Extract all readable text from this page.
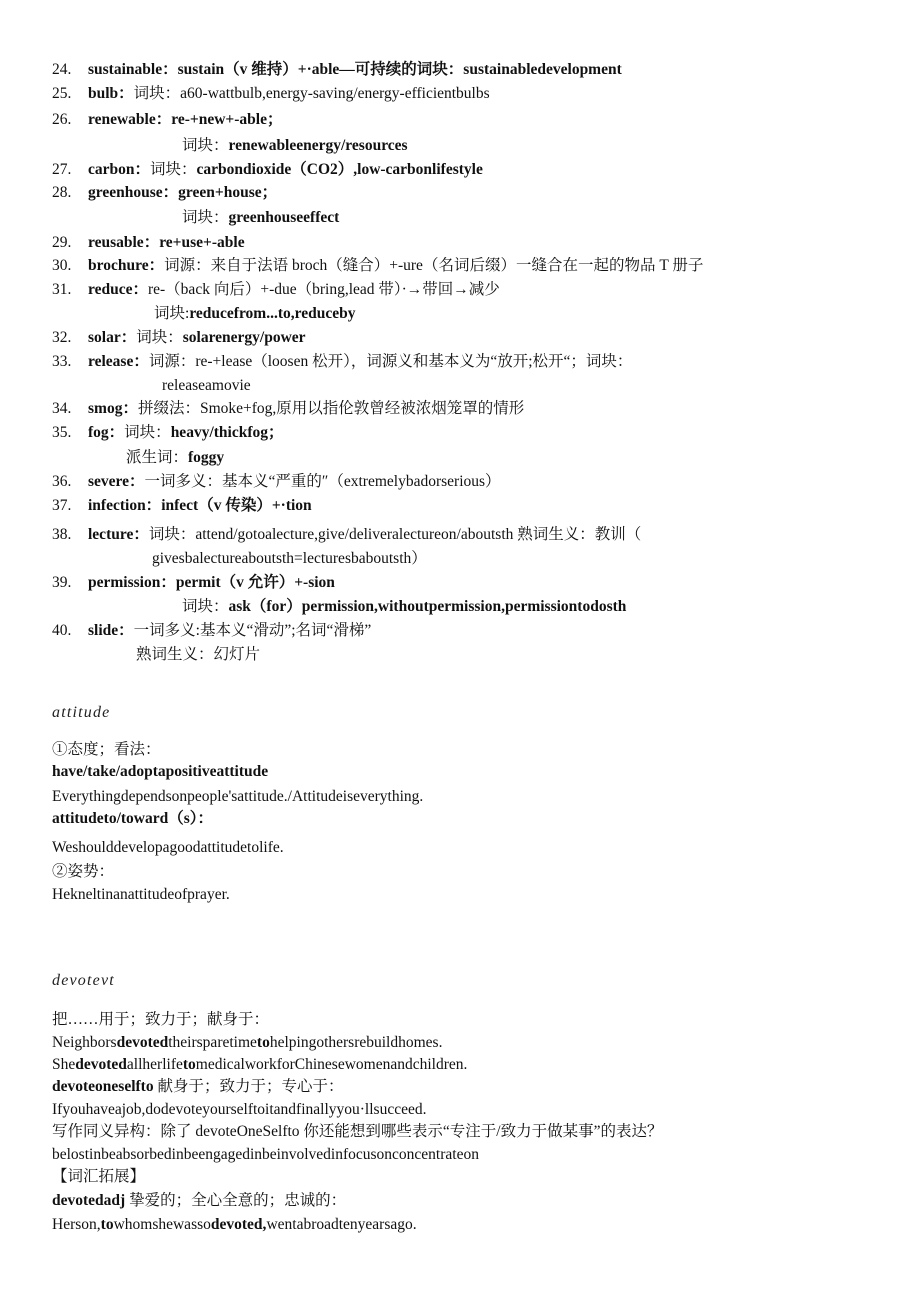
24. sustainable：sustain（v 维持）+·able—可持续的词块：sustainabledevelopment
25. bulb：词块：a60-wattbulb,energy-saving/energy-efficientbulbs
26. renewable：re-+new+-able；
词块：renewableenergy/resources
27. carbon：词块：carbondioxide（CO2）,low-carbonlifestyle
28. greenhouse：green+house；
词块：greenhouseeffect
29. reusable：re+use+-able
30. brochure：词源：来自于法语 broch（缝合）+-ure（名词后缀）一缝合在一起的物品 T 册子
31. reduce：re-（back 向后）+-due（bring,lead 带）·→带回→减少
词块:reducefrom...to,reduceby
32. solar：词块：solarenergy/power
33. release：词源：re-+lease（loosen 松开），词源义和基本义为“放开;松开“；词块：
releaseamovie
34. smog：拼缀法：Smoke+fog,原用以指伦敦曾经被浓烟笼罩的情形
35. fog：词块：heavy/thickfog；
派生词：foggy
36. severe：一词多义：基本义“严重的″（extremelybadorserious）
37. infection：infect（v 传染）+·tion
38. lecture：词块：attend/gotoalecture,give/deliveralectureon/aboutsth 熟词生义：教训（
givesbalectureaboutsth=lecturesbaboutsth）
39. permission：permit（v 允许）+-sion
词块：ask（for）permission,withoutpermission,permissiontodosth
40. slide：一词多义:基本义“滑动”;名词“滑梯”
熟词生义：幻灯片
attitude
①态度；看法：
have/take/adoptapositiveattitude
Everythingdependsonpeople'sattitude./Attitudeiseverything.
attitudeto/toward（s）：
Weshoulddevelopagoodattitudetolife.
②姿势：
Hekneltinanattitudeofprayer.
devotevt
把……用于；致力于；献身于：
Neighborsdevotedtheirsparetimetohelpingothersrebuildhomes.
ShedevotedallherlifetomedicalworkforChinesewomenandchildren.
devoteoneselfto 献身于；致力于；专心于：
Ifyouhaveajob,dodevoteyourselftoitandfinallyyou·llsucceed.
写作同义异构：除了 devoteOneSelfto 你还能想到哪些表示“专注于/致力于做某事”的表达？
belostinbeabsorbedinbeengagedinbeinvolvedinfocusonconcentrateon
【词汇拓展】
devotedadj 挚爱的；全心全意的；忠诚的：
Herson,towhomshewassodevoted,wentabroadtenyearsago.
